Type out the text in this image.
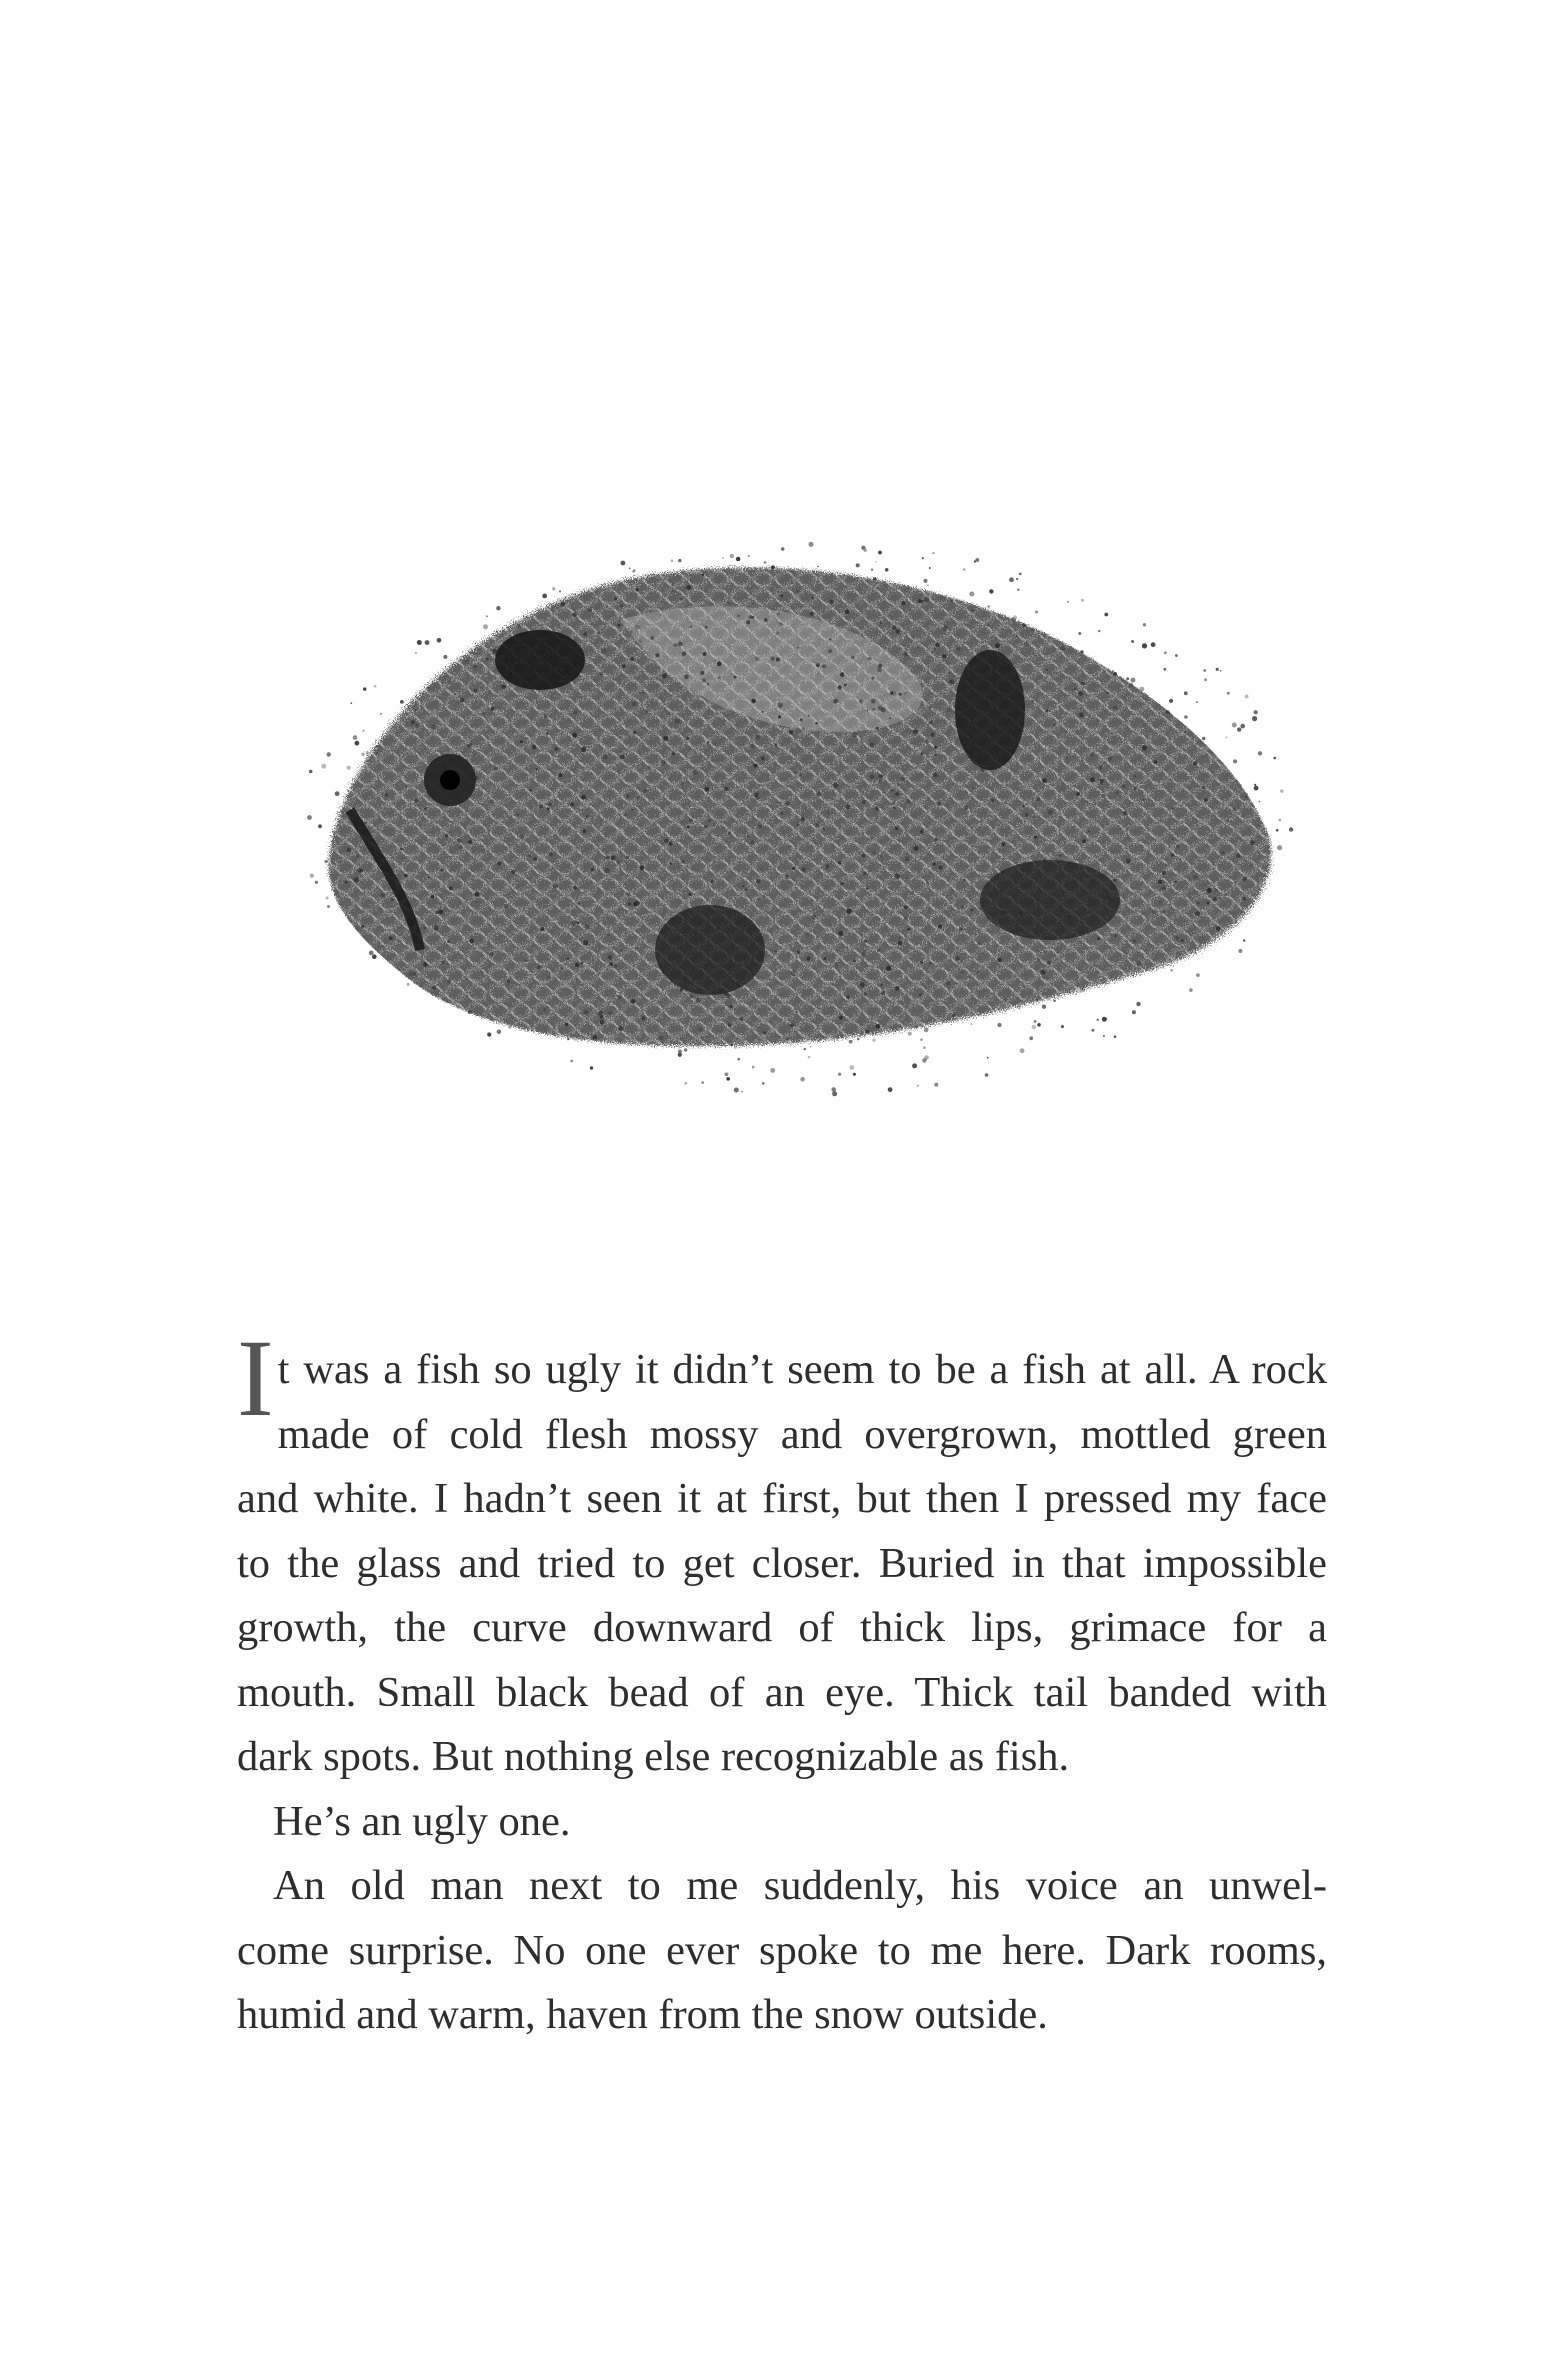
I t was a fish so ugly it didn’t seem to be a fish at all. A rock
made of cold flesh mossy and overgrown, mottled green
and white. I hadn’t seen it at first, but then I pressed my face
to the glass and tried to get closer. Buried in that impossible
growth, the curve downward of thick lips, grimace for a
mouth. Small black bead of an eye. Thick tail banded with
dark spots. But nothing else recognizable as fish.
He’s an ugly one.
An old man next to me suddenly, his voice an unwel-
come surprise. No one ever spoke to me here. Dark rooms,
humid and warm, haven from the snow outside.
